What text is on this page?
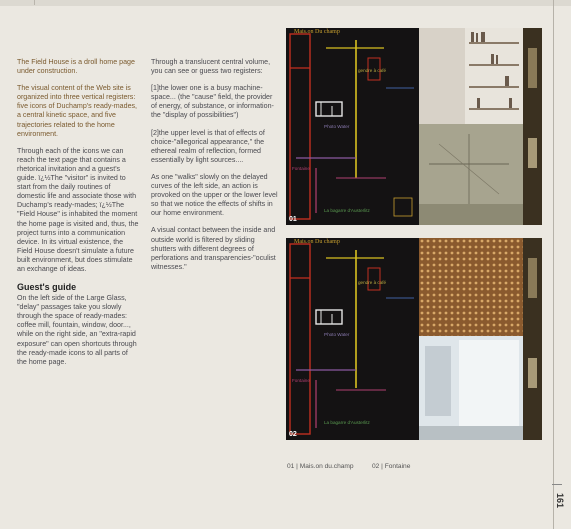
The Field House is a droll home page under construction.

The visual content of the Web site is organized into three vertical registers: five icons of Duchamp's ready-mades, a central kinetic space, and five trajectories related to the home environment.

Through each of the icons we can reach the text page that contains a rhetorical invitation and a guest's guide. ï¿½The "visitor" is invited to start from the daily routines of domestic life and associate those with Duchamp's ready-mades; ï¿½The "Field House" is inhabited the moment the home page is visited and, thus, the project turns into a communication device. In its virtual existence, the Field House doesn't simulate a future built environment, but does stimulate an exchange of ideas.

Guest's guide

On the left side of the Large Glass, "delay" passages take you slowly through the space of ready-mades: coffee mill, fountain, window, door..., while on the right side, an "extra-rapid exposure" can open shortcuts through the ready-made icons to all parts of the home page.

Through a translucent central volume, you can see or guess two registers:

[1]the lower one is a busy machine-space... (the "cause" field, the provider of energy, of substance, or information-the "display of possibilities")

[2]the upper level is that of effects of choice-"allegorical appearance," the ethereal realm of reflection, formed essentially by light sources....

As one "walks" slowly on the delayed curves of the left side, an action is provoked on the upper or the lower level so that we notice the effects of shifts in our home environment.

A visual contact between the inside and outside world is filtered by sliding shutters with different degrees of perforations and transparencies-"oculist witnesses."

Mais.on Du champ
gendre à café
Photo Water
Fontaine
La bagarre d'Austerlitz
01
Mais.on Du champ
gendre à café
Photo Water
Fontaine
La bagarre d'Austerlitz
02
01 | Mais.on du.champ	02 | Fontaine
161
